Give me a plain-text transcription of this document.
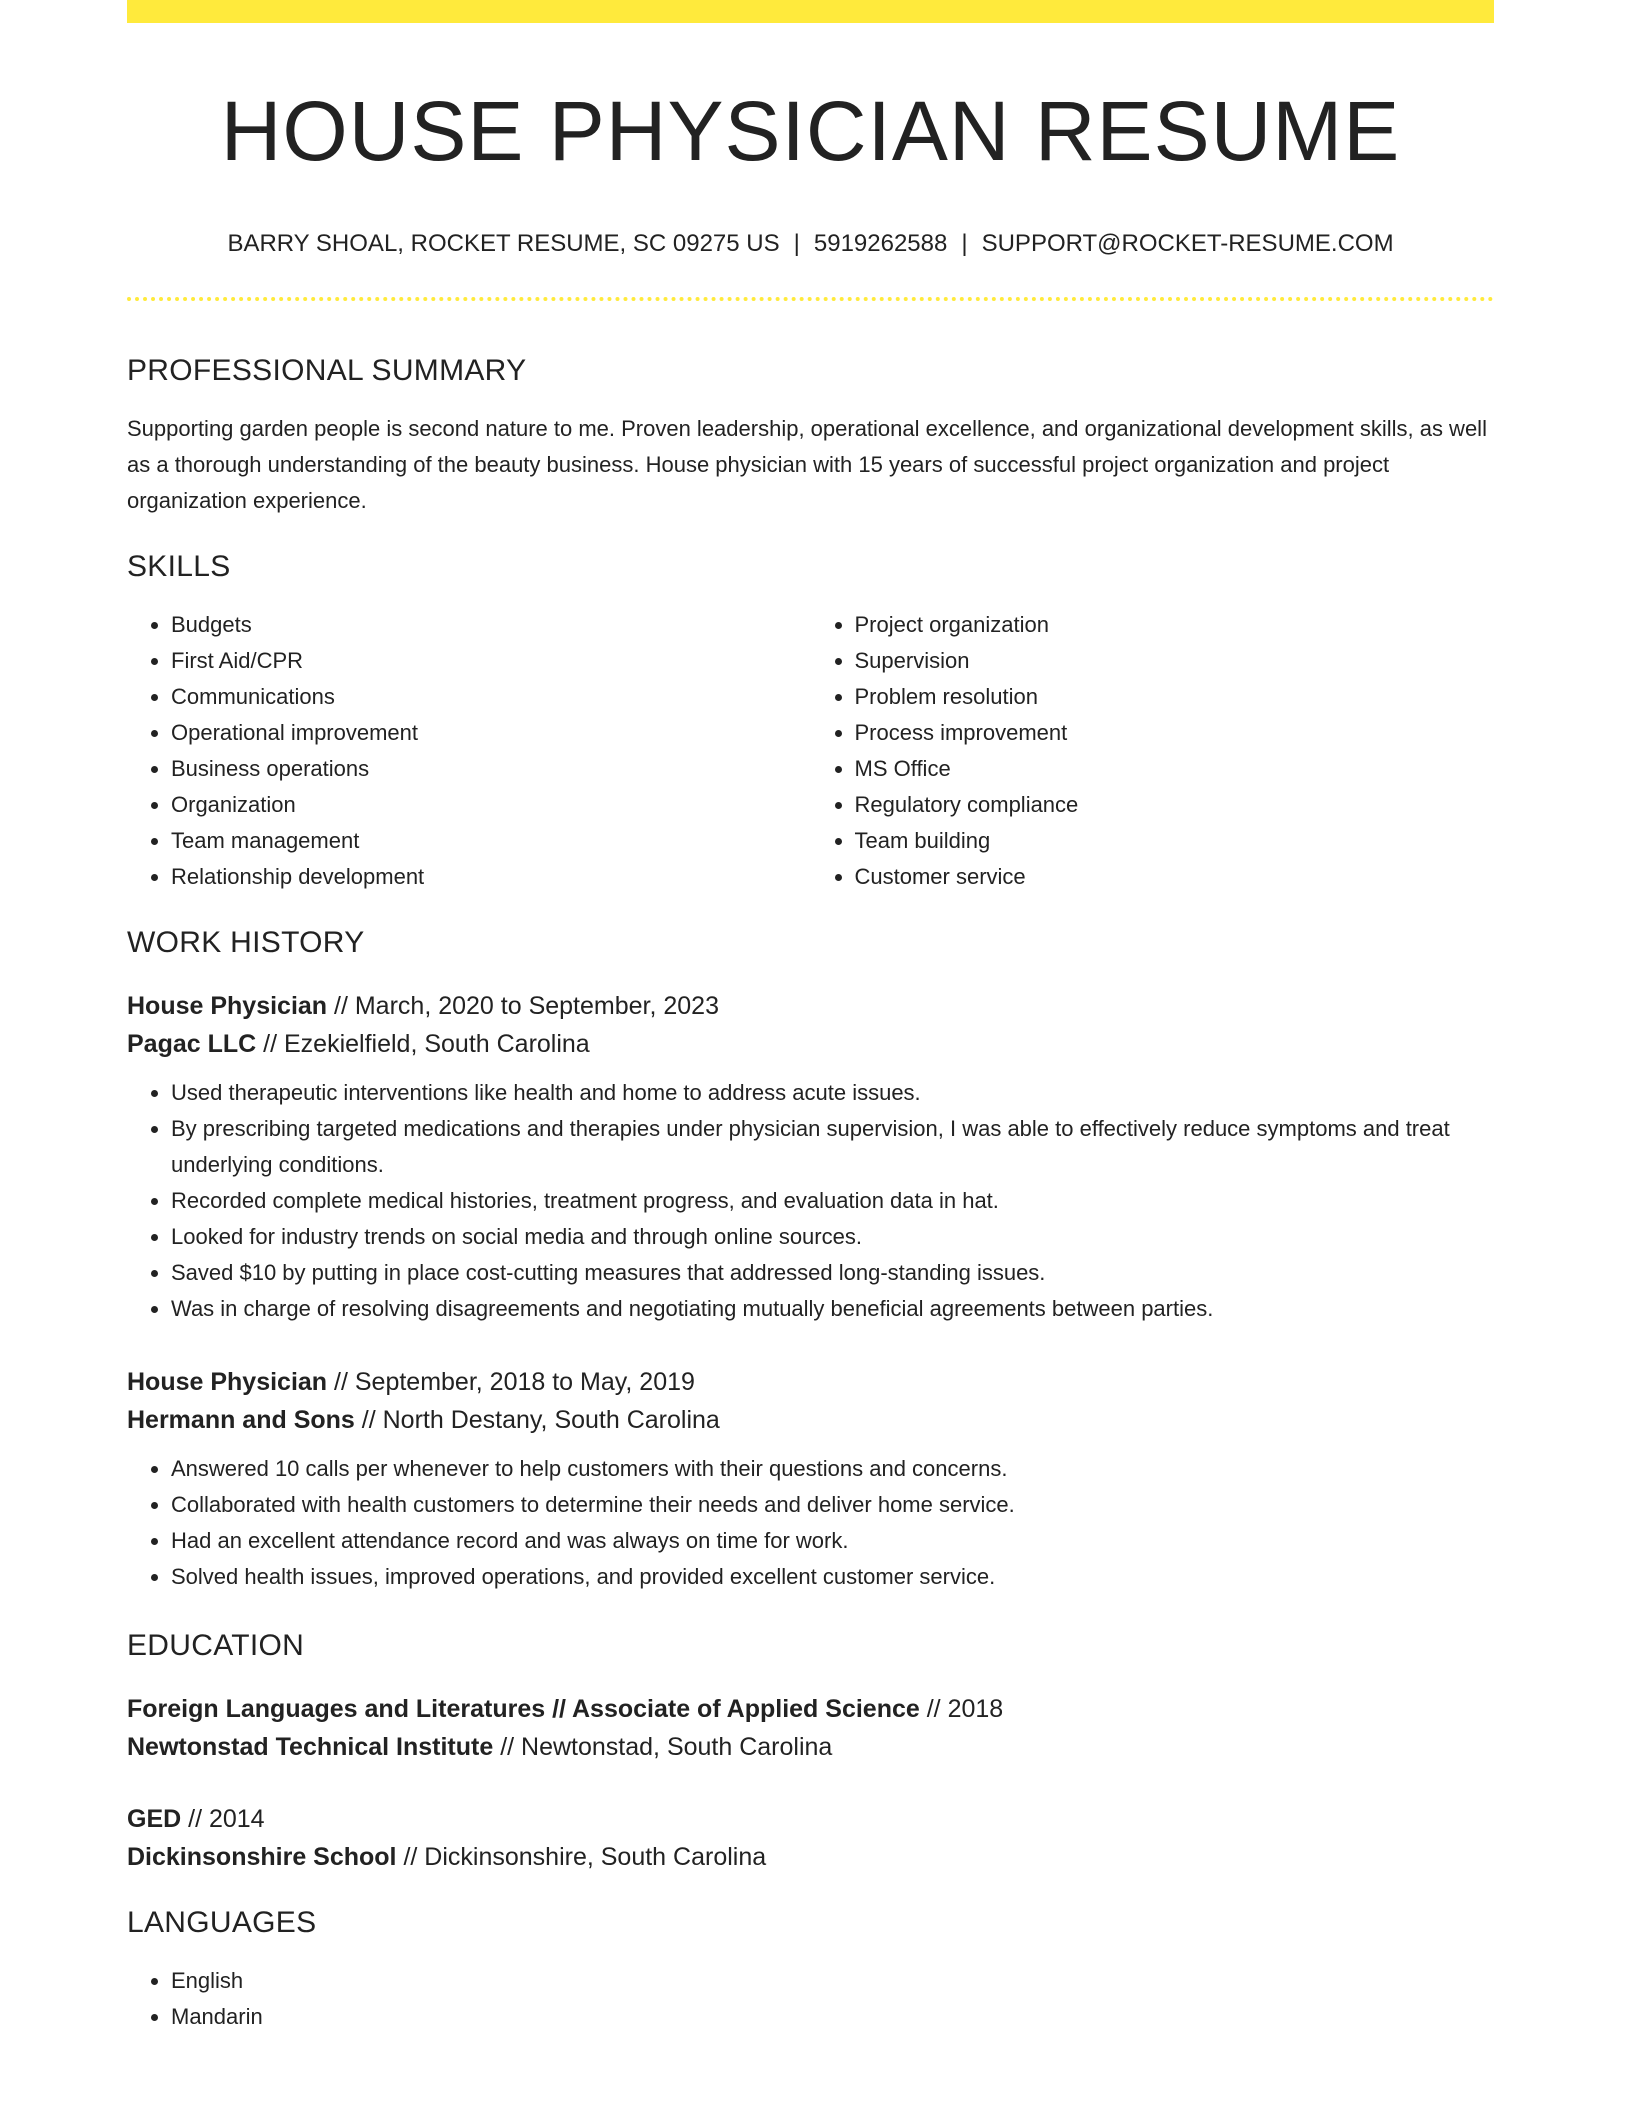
HOUSE PHYSICIAN RESUME
BARRY SHOAL, ROCKET RESUME, SC 09275 US | 5919262588 | SUPPORT@ROCKET-RESUME.COM
PROFESSIONAL SUMMARY

Supporting garden people is second nature to me. Proven leadership, operational excellence, and organizational development skills, as well as a thorough understanding of the beauty business. House physician with 15 years of successful project organization and project organization experience.

SKILLS
• Budgets
• First Aid/CPR
• Communications
• Operational improvement
• Business operations
• Organization
• Team management
• Relationship development
• Project organization
• Supervision
• Problem resolution
• Process improvement
• MS Office
• Regulatory compliance
• Team building
• Customer service
WORK HISTORY
House Physician // March, 2020 to September, 2023
Pagac LLC // Ezekielfield, South Carolina
• Used therapeutic interventions like health and home to address acute issues.
• By prescribing targeted medications and therapies under physician supervision, I was able to effectively reduce symptoms and treat underlying conditions.
• Recorded complete medical histories, treatment progress, and evaluation data in hat.
• Looked for industry trends on social media and through online sources.
• Saved $10 by putting in place cost-cutting measures that addressed long-standing issues.
• Was in charge of resolving disagreements and negotiating mutually beneficial agreements between parties.
House Physician // September, 2018 to May, 2019
Hermann and Sons // North Destany, South Carolina
• Answered 10 calls per whenever to help customers with their questions and concerns.
• Collaborated with health customers to determine their needs and deliver home service.
• Had an excellent attendance record and was always on time for work.
• Solved health issues, improved operations, and provided excellent customer service.
EDUCATION
Foreign Languages and Literatures // Associate of Applied Science // 2018
Newtonstad Technical Institute // Newtonstad, South Carolina
GED // 2014
Dickinsonshire School // Dickinsonshire, South Carolina
LANGUAGES
• English
• Mandarin
